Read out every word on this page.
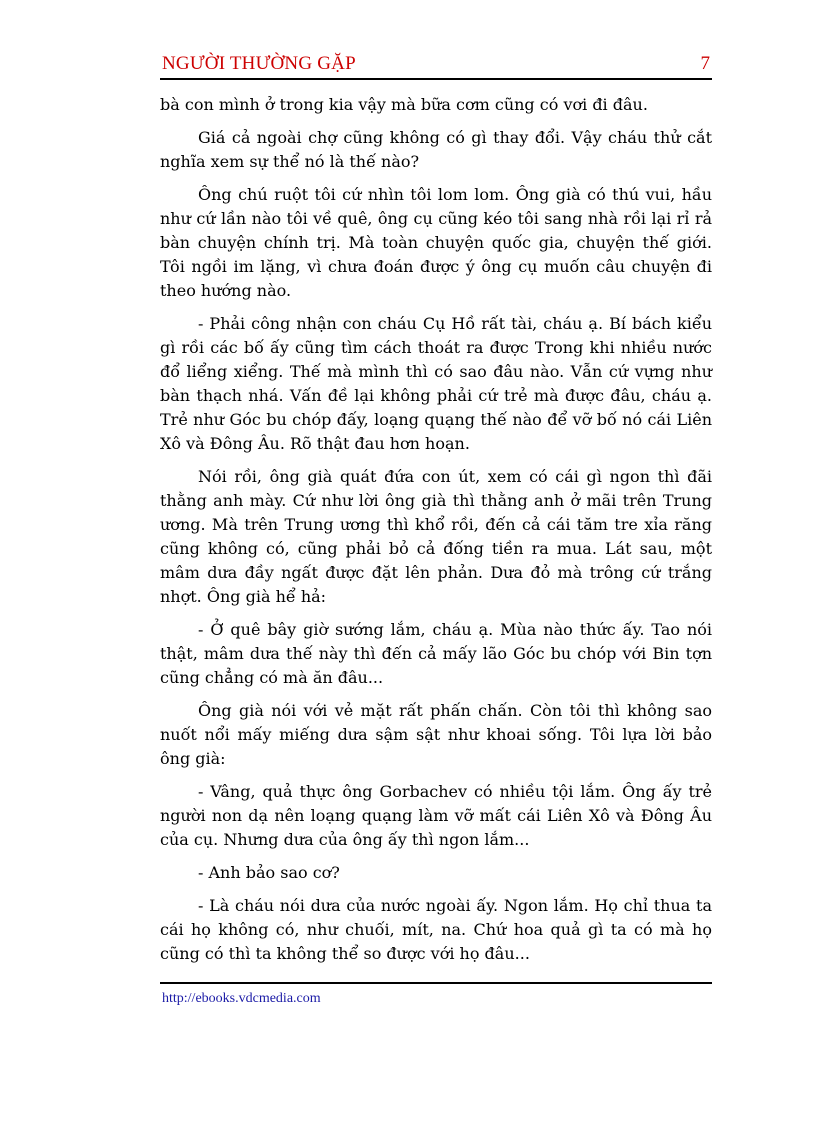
NGƯỜI THƯỜNG GẶP	7

bà con mình ở trong kia vậy mà bữa cơm cũng có vơi đi đâu.

Giá cả ngoài chợ cũng không có gì thay đổi. Vậy cháu thử cắt nghĩa xem sự thể nó là thế nào?

Ông chú ruột tôi cứ nhìn tôi lom lom. Ông già có thú vui, hầu như cứ lần nào tôi về quê, ông cụ cũng kéo tôi sang nhà rồi lại rỉ rả bàn chuyện chính trị. Mà toàn chuyện quốc gia, chuyện thế giới. Tôi ngồi im lặng, vì chưa đoán được ý ông cụ muốn câu chuyện đi theo hướng nào.

- Phải công nhận con cháu Cụ Hồ rất tài, cháu ạ. Bí bách kiểu gì rồi các bố ấy cũng tìm cách thoát ra được Trong khi nhiều nước đổ liểng xiểng. Thế mà mình thì có sao đâu nào. Vẫn cứ vựng như bàn thạch nhá. Vấn đề lại không phải cứ trẻ mà được đâu, cháu ạ. Trẻ như Góc bu chóp đấy, loạng quạng thế nào để vỡ bố nó cái Liên Xô và Đông Âu. Rõ thật đau hơn hoạn.

Nói rồi, ông già quát đứa con út, xem có cái gì ngon thì đãi thằng anh mày. Cứ như lời ông già thì thằng anh ở mãi trên Trung ương. Mà trên Trung ương thì khổ rồi, đến cả cái tăm tre xỉa răng cũng không có, cũng phải bỏ cả đống tiền ra mua. Lát sau, một mâm dưa đầy ngất được đặt lên phản. Dưa đỏ mà trông cứ trắng nhợt. Ông già hể hả:

- Ở quê bây giờ sướng lắm, cháu ạ. Mùa nào thức ấy. Tao nói thật, mâm dưa thế này thì đến cả mấy lão Góc bu chóp với Bin tợn cũng chẳng có mà ăn đâu...

Ông già nói với vẻ mặt rất phấn chấn. Còn tôi thì không sao nuốt nổi mấy miếng dưa sậm sật như khoai sống. Tôi lựa lời bảo ông già:

- Vâng, quả thực ông Gorbachev có nhiều tội lắm. Ông ấy trẻ người non dạ nên loạng quạng làm vỡ mất cái Liên Xô và Đông Âu của cụ. Nhưng dưa của ông ấy thì ngon lắm...

- Anh bảo sao cơ?

- Là cháu nói dưa của nước ngoài ấy. Ngon lắm. Họ chỉ thua ta cái họ không có, như chuối, mít, na. Chứ hoa quả gì ta có mà họ cũng có thì ta không thể so được với họ đâu...

http://ebooks.vdcmedia.com
